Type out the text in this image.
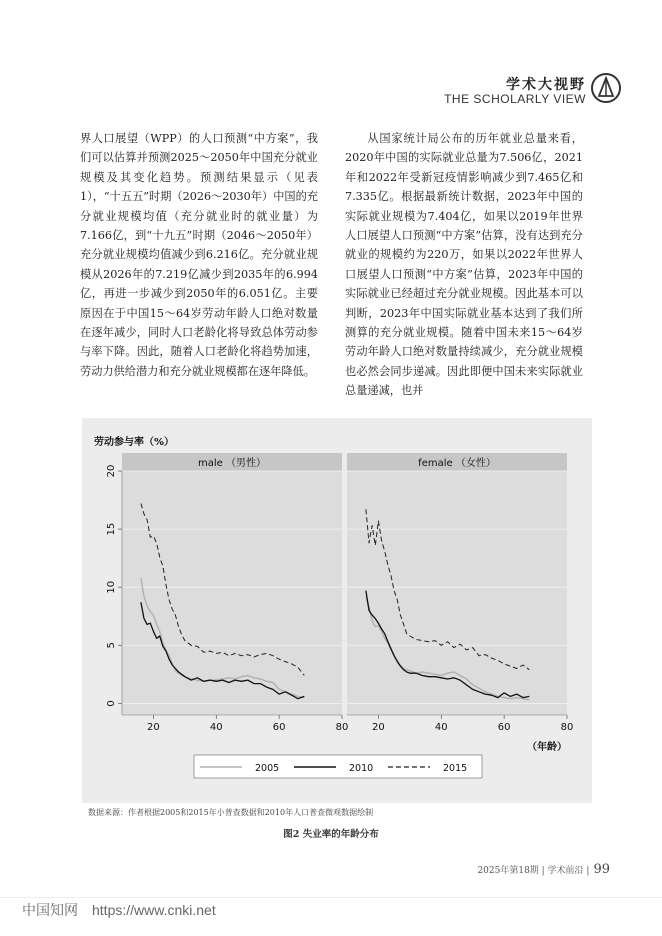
学术大视野
THE SCHOLARLY VIEW

界人口展望（WPP）的人口预测“中方案”，我们可以估算并预测2025～2050年中国充分就业规模及其变化趋势。预测结果显示（见表1），“十五五”时期（2026～2030年）中国的充分就业规模均值（充分就业时的就业量）为7.166亿，到“十九五”时期（2046～2050年）充分就业规模均值减少到6.216亿。充分就业规模从2026年的7.219亿减少到2035年的6.994亿，再进一步减少到2050年的6.051亿。主要原因在于中国15～64岁劳动年龄人口绝对数量在逐年减少，同时人口老龄化将导致总体劳动参与率下降。因此，随着人口老龄化将趋势加速，劳动力供给潜力和充分就业规模都在逐年降低。

从国家统计局公布的历年就业总量来看，2020年中国的实际就业总量为7.506亿，2021年和2022年受新冠疫情影响减少到7.465亿和7.335亿。根据最新统计数据，2023年中国的实际就业规模为7.404亿，如果以2019年世界人口展望人口预测“中方案”估算，没有达到充分就业的规模约为220万，如果以2022年世界人口展望人口预测“中方案”估算，2023年中国的实际就业已经超过充分就业规模。因此基本可以判断，2023年中国实际就业基本达到了我们所测算的充分就业规模。随着中国未来15～64岁劳动年龄人口绝对数量持续减少，充分就业规模也必然会同步递减。因此即便中国未来实际就业总量递减，也并

劳动参与率（%）
male （男性）
20	40	60	80
0
5
10
15
20
female （女性）
20	40	60	80
2005	2010	2015
（年龄）
数据来源：作者根据2005和2015年小普查数据和2010年人口普查微观数据绘制
图2 失业率的年龄分布
2025年第18期 | 学术前沿 | 99
中国知网 https://www.cnki.net
